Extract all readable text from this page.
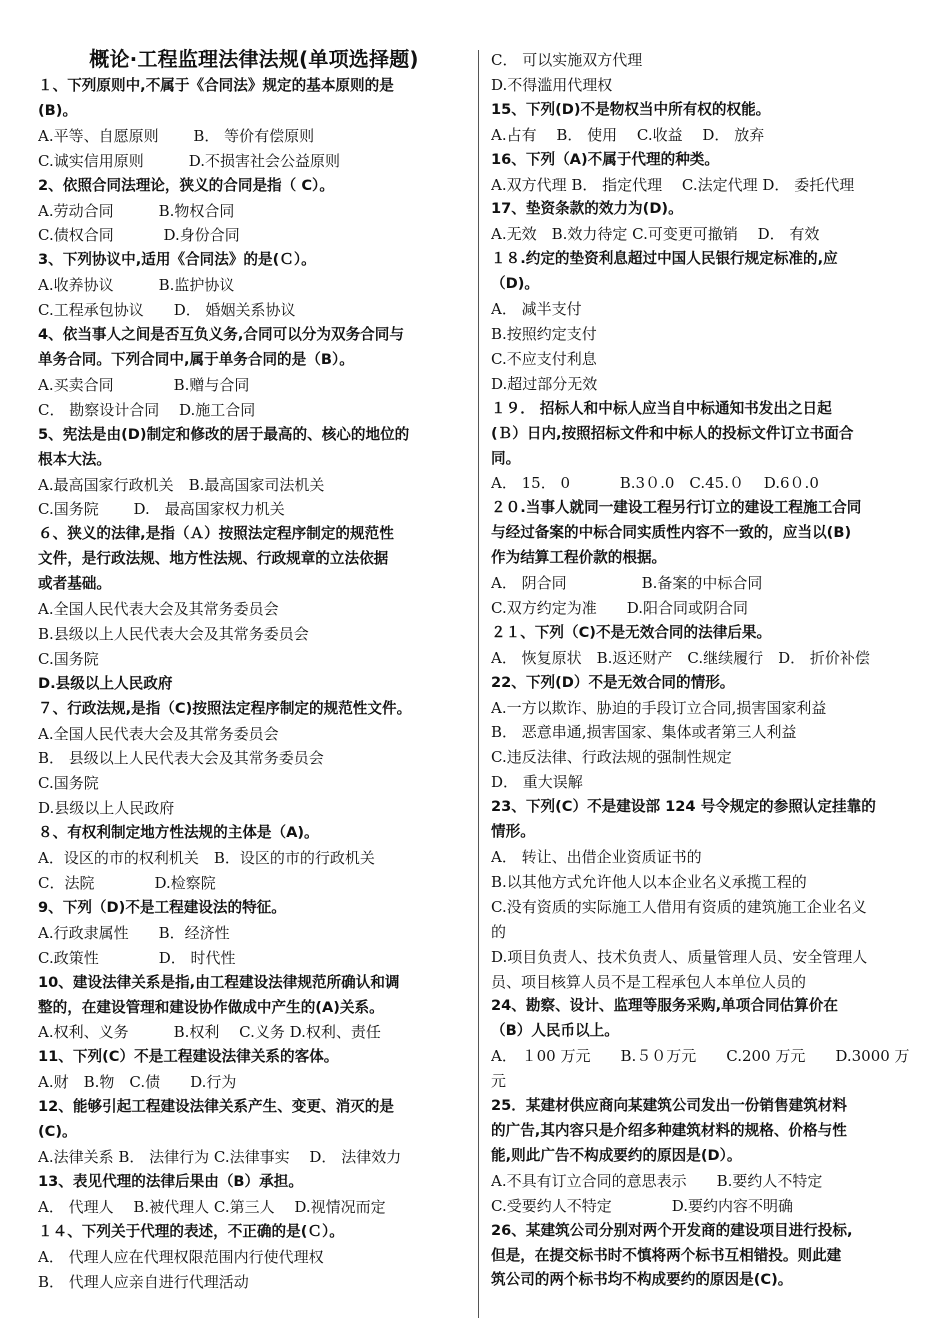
概论·工程监理法律法规(单项选择题)
１、下列原则中,不属于《合同法》规定的基本原则的是
(B)。
A.平等、自愿原则　　 B． 等价有偿原则
C.诚实信用原则　　　D.不损害社会公益原则
2、依照合同法理论，狭义的合同是指（ C）。
A.劳动合同　　　B.物权合同
C.债权合同　　　 D.身份合同
3、下列协议中,适用《合同法》的是(Ｃ）。
A.收养协议　　　B.监护协议
C.工程承包协议　　D． 婚姻关系协议
4、依当事人之间是否互负义务,合同可以分为双务合同与
单务合同。下列合同中,属于单务合同的是（B）。
A.买卖合同　　　　B.赠与合同
C． 勘察设计合同　 D.施工合同
5、宪法是由(D)制定和修改的居于最高的、核心的地位的
根本大法。
A.最高国家行政机关　B.最高国家司法机关
C.国务院　　 D.　最高国家权力机关
６、狭义的法律,是指（Ａ）按照法定程序制定的规范性
文件，是行政法规、地方性法规、行政规章的立法依据
或者基础。
A.全国人民代表大会及其常务委员会
B.县级以上人民代表大会及其常务委员会
C.国务院
D.县级以上人民政府
７、行政法规,是指（C)按照法定程序制定的规范性文件。
A.全国人民代表大会及其常务委员会
B． 县级以上人民代表大会及其常务委员会
C.国务院
D.县级以上人民政府
８、有权利制定地方性法规的主体是（A)。
A．设区的市的权利机关　B．设区的市的行政机关
C．法院　　　　D.检察院
9、下列（D)不是工程建设法的特征。
A.行政隶属性　　B．经济性
C.政策性　　　　D． 时代性
10、建设法律关系是指,由工程建设法律规范所确认和调
整的，在建设管理和建设协作做成中产生的(A)关系。
A.权利、义务　　　B.权利　 C.义务 D.权利、责任
11、下列(C）不是工程建设法律关系的客体。
A.财　B.物　C.债　　D.行为
12、能够引起工程建设法律关系产生、变更、消灭的是
(C)。
A.法律关系 B． 法律行为 C.法律事实　 D． 法律效力
13、表见代理的法律后果由（B）承担。
A． 代理人　 B.被代理人 C.第三人　 D.视情况而定
１４、下列关于代理的表述，不正确的是(Ｃ）。
A． 代理人应在代理权限范围内行使代理权
B． 代理人应亲自进行代理活动
C． 可以实施双方代理
D.不得滥用代理权
15、下列(D)不是物权当中所有权的权能。
A.占有　 B． 使用　 C.收益　 D． 放弃
16、下列（A)不属于代理的种类。
A.双方代理 B． 指定代理　 C.法定代理 D． 委托代理
17、垫资条款的效力为(D)。
A.无效　B.效力待定 C.可变更可撤销　 D． 有效
１８.约定的垫资利息超过中国人民银行规定标准的,应
（D)。
A． 减半支付
B.按照约定支付
C.不应支付利息
D.超过部分无效
１９． 招标人和中标人应当自中标通知书发出之日起
(Ｂ）日内,按照招标文件和中标人的投标文件订立书面合
同。
A． 15． 0　　　 B.3０.0　C.45.０　 D.6０.0
２０.当事人就同一建设工程另行订立的建设工程施工合同
与经过备案的中标合同实质性内容不一致的，应当以(B)
作为结算工程价款的根据。
A． 阴合同　　　　　B.备案的中标合同
C.双方约定为准　　D.阳合同或阴合同
２１、下列（C)不是无效合同的法律后果。
A． 恢复原状　B.返还财产　C.继续履行　D． 折价补偿
22、下列(D）不是无效合同的情形。
A.一方以欺诈、胁迫的手段订立合同,损害国家利益
B． 恶意串通,损害国家、集体或者第三人利益
C.违反法律、行政法规的强制性规定
D． 重大误解
23、下列(C）不是建设部 124 号令规定的参照认定挂靠的
情形。
A． 转让、出借企业资质证书的
B.以其他方式允许他人以本企业名义承揽工程的
C.没有资质的实际施工人借用有资质的建筑施工企业名义
的
D.项目负责人、技术负责人、质量管理人员、安全管理人
员、项目核算人员不是工程承包人本单位人员的
24、勘察、设计、监理等服务采购,单项合同估算价在
（B）人民币以上。
A． １00 万元　　B.５０万元　　C.200 万元　　D.3000 万
元
25．某建材供应商向某建筑公司发出一份销售建筑材料
的广告,其内容只是介绍多种建筑材料的规格、价格与性
能,则此广告不构成要约的原因是(D）。
A.不具有订立合同的意思表示　　B.要约人不特定
C.受要约人不特定　　　　D.要约内容不明确
26、某建筑公司分别对两个开发商的建设项目进行投标,
但是，在提交标书时不慎将两个标书互相错投。则此建
筑公司的两个标书均不构成要约的原因是(C)。
